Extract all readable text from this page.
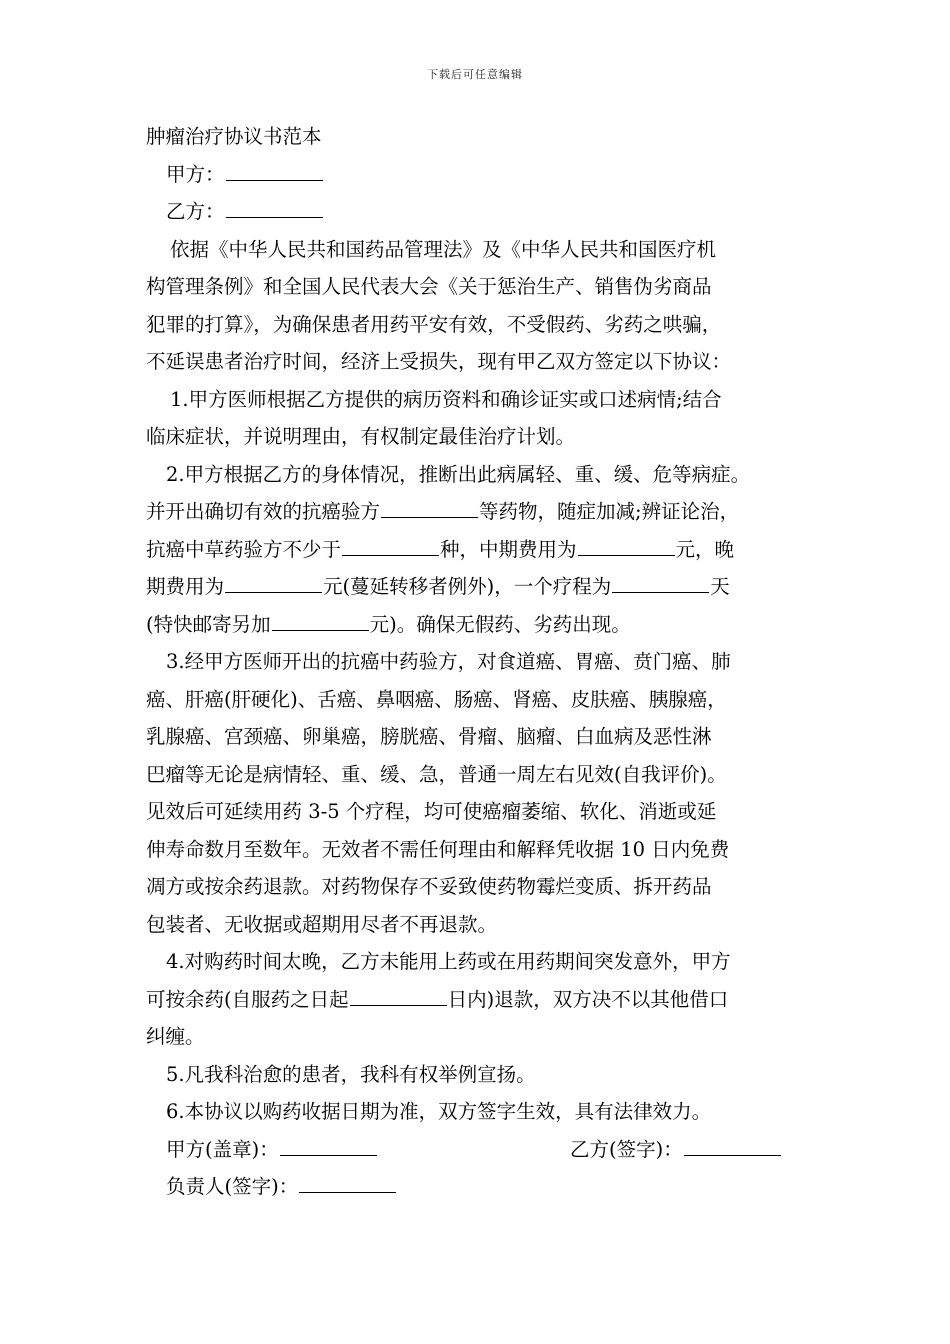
下载后可任意编辑
肿瘤治疗协议书范本
甲方：
乙方：
依据《中华人民共和国药品管理法》及《中华人民共和国医疗机
构管理条例》和全国人民代表大会《关于惩治生产、销售伪劣商品
犯罪的打算》，为确保患者用药平安有效，不受假药、劣药之哄骗，
不延误患者治疗时间，经济上受损失，现有甲乙双方签定以下协议：
1.甲方医师根据乙方提供的病历资料和确诊证实或口述病情;结合
临床症状，并说明理由，有权制定最佳治疗计划。
2.甲方根据乙方的身体情况，推断出此病属轻、重、缓、危等病症。
并开出确切有效的抗癌验方	等药物，随症加减;辨证论治，
抗癌中草药验方不少于	种，中期费用为	元，晚
期费用为	元(蔓延转移者例外)，一个疗程为	天
(特快邮寄另加	元)。确保无假药、劣药出现。
3.经甲方医师开出的抗癌中药验方，对食道癌、胃癌、贲门癌、肺
癌、肝癌(肝硬化)、舌癌、鼻咽癌、肠癌、肾癌、皮肤癌、胰腺癌，
乳腺癌、宫颈癌、卵巢癌，膀胱癌、骨瘤、脑瘤、白血病及恶性淋
巴瘤等无论是病情轻、重、缓、急，普通一周左右见效(自我评价)。
见效后可延续用药 3-5 个疗程，均可使癌瘤萎缩、软化、消逝或延
伸寿命数月至数年。无效者不需任何理由和解释凭收据 10 日内免费
凋方或按余药退款。对药物保存不妥致使药物霉烂变质、拆开药品
包装者、无收据或超期用尽者不再退款。
4.对购药时间太晚，乙方未能用上药或在用药期间突发意外，甲方
可按余药(自服药之日起	日内)退款，双方决不以其他借口
纠缠。
5.凡我科治愈的患者，我科有权举例宣扬。
6.本协议以购药收据日期为准，双方签字生效，具有法律效力。
甲方(盖章)：	乙方(签字)：
负责人(签字)：
